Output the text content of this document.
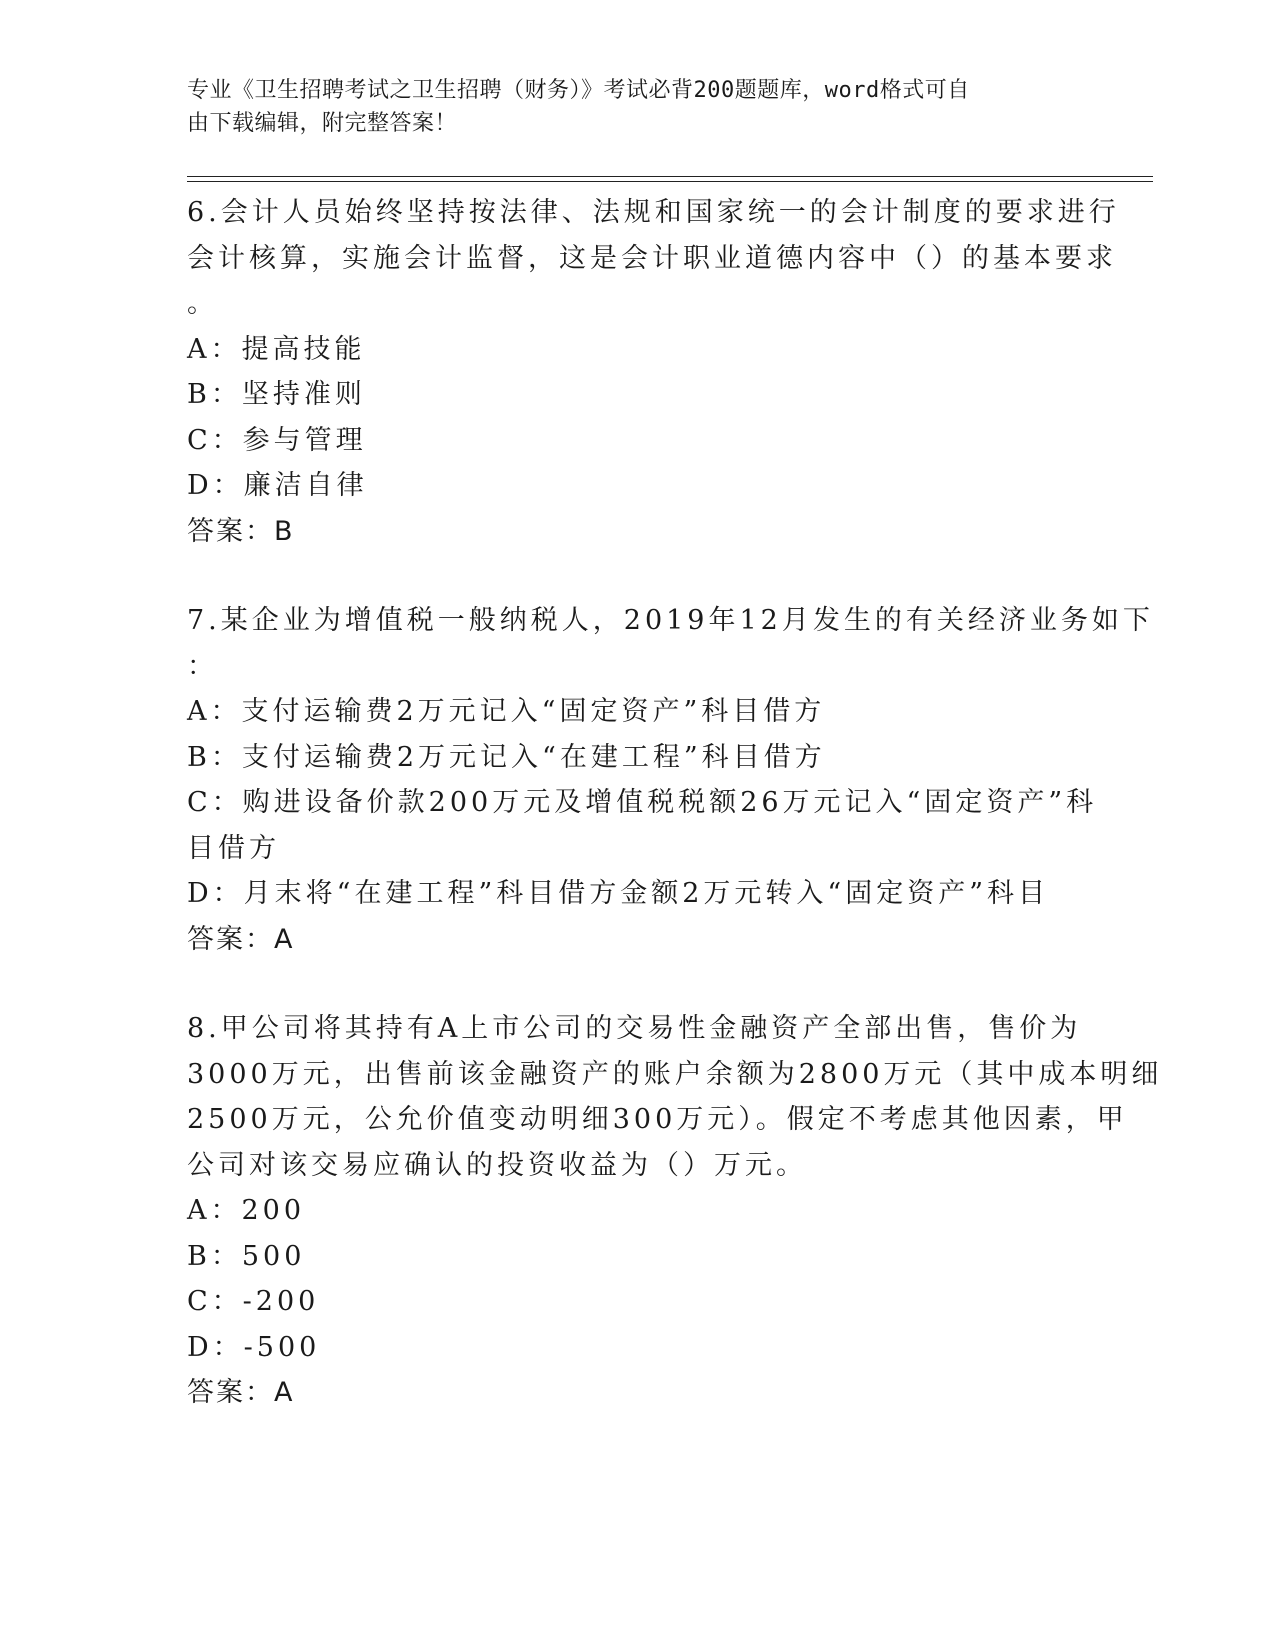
专业《卫生招聘考试之卫生招聘（财务）》考试必背200题题库，word格式可自
由下载编辑，附完整答案！
6.会计人员始终坚持按法律、法规和国家统一的会计制度的要求进行
会计核算，实施会计监督，这是会计职业道德内容中（）的基本要求
。
A：提高技能
B：坚持准则
C：参与管理
D：廉洁自律
答案：B
7.某企业为增值税一般纳税人，2019年12月发生的有关经济业务如下
：
A：支付运输费2万元记入“固定资产”科目借方
B：支付运输费2万元记入“在建工程”科目借方
C：购进设备价款200万元及增值税税额26万元记入“固定资产”科
目借方
D：月末将“在建工程”科目借方金额2万元转入“固定资产”科目
答案：A
8.甲公司将其持有A上市公司的交易性金融资产全部出售，售价为
3000万元，出售前该金融资产的账户余额为2800万元（其中成本明细
2500万元，公允价值变动明细300万元）。假定不考虑其他因素，甲
公司对该交易应确认的投资收益为（）万元。
A：200
B：500
C：-200
D：-500
答案：A
